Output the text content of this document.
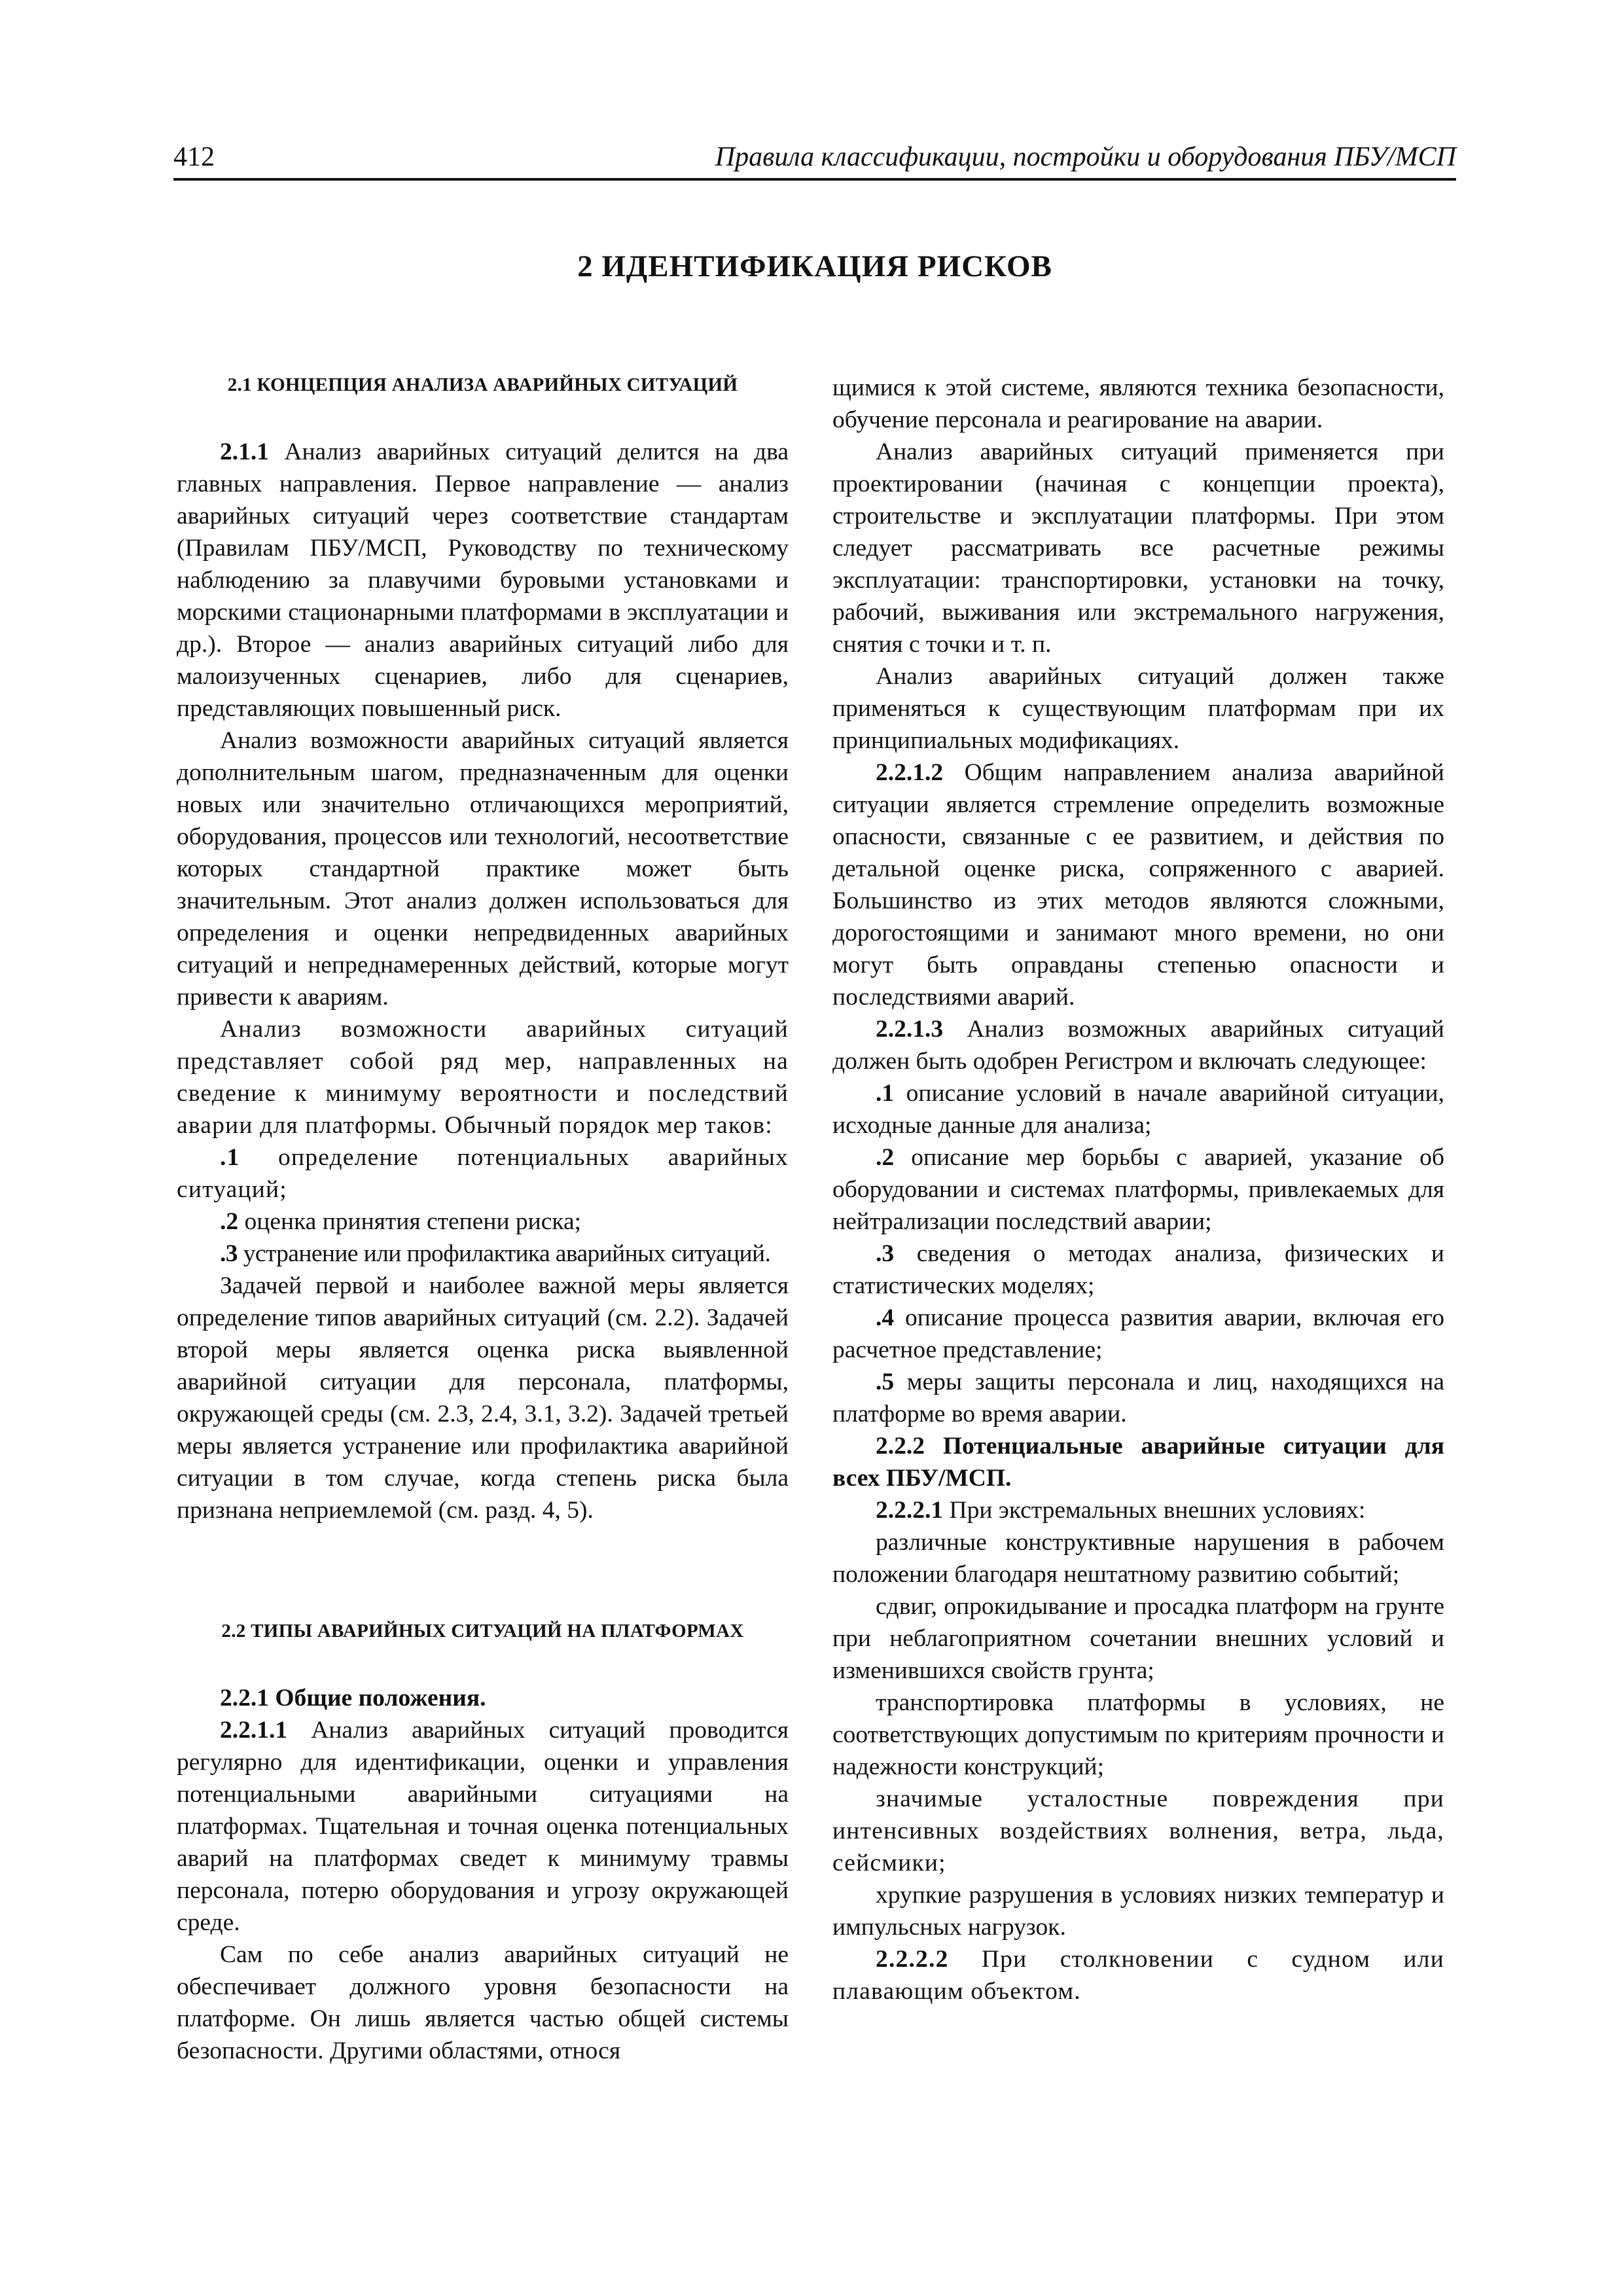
412	Правила классификации, постройки и оборудования ПБУ/МСП
2 ИДЕНТИФИКАЦИЯ РИСКОВ

2.1 КОНЦЕПЦИЯ АНАЛИЗА АВАРИЙНЫХ СИТУАЦИЙ

2.1.1 Анализ аварийных ситуаций делится на два главных направления. Первое направление — анализ аварийных ситуаций через соответствие стандартам (Правилам ПБУ/МСП, Руководству по техническому наблюдению за плавучими буровыми установками и морскими стационарными платформами в эксплуатации и др.). Второе — анализ аварийных ситуаций либо для малоизученных сценариев, либо для сценариев, представляющих повышенный риск.

Анализ возможности аварийных ситуаций является дополнительным шагом, предназначенным для оценки новых или значительно отличающихся мероприятий, оборудования, процессов или технологий, несоответствие которых стандартной практике может быть значительным. Этот анализ должен использоваться для определения и оценки непредвиденных аварийных ситуаций и непреднамеренных действий, которые могут привести к авариям.

Анализ возможности аварийных ситуаций представляет собой ряд мер, направленных на сведение к минимуму вероятности и последствий аварии для платформы. Обычный порядок мер таков:

.1 определение потенциальных аварийных ситуаций;

.2 оценка принятия степени риска;

.3 устранение или профилактика аварийных ситуаций.

Задачей первой и наиболее важной меры является определение типов аварийных ситуаций (см. 2.2). Задачей второй меры является оценка риска выявленной аварийной ситуации для персонала, платформы, окружающей среды (см. 2.3, 2.4, 3.1, 3.2). Задачей третьей меры является устранение или профилактика аварийной ситуации в том случае, когда степень риска была признана неприемлемой (см. разд. 4, 5).

2.2 ТИПЫ АВАРИЙНЫХ СИТУАЦИЙ НА ПЛАТФОРМАХ

2.2.1 Общие положения.

2.2.1.1 Анализ аварийных ситуаций проводится регулярно для идентификации, оценки и управления потенциальными аварийными ситуациями на платформах. Тщательная и точная оценка потенциальных аварий на платформах сведет к минимуму травмы персонала, потерю оборудования и угрозу окружающей среде.

Сам по себе анализ аварийных ситуаций не обеспечивает должного уровня безопасности на платформе. Он лишь является частью общей системы безопасности. Другими областями, относя

щимися к этой системе, являются техника безопасности, обучение персонала и реагирование на аварии.

Анализ аварийных ситуаций применяется при проектировании (начиная с концепции проекта), строительстве и эксплуатации платформы. При этом следует рассматривать все расчетные режимы эксплуатации: транспортировки, установки на точку, рабочий, выживания или экстремального нагружения, снятия с точки и т. п.

Анализ аварийных ситуаций должен также применяться к существующим платформам при их принципиальных модификациях.

2.2.1.2 Общим направлением анализа аварийной ситуации является стремление определить возможные опасности, связанные с ее развитием, и действия по детальной оценке риска, сопряженного с аварией. Большинство из этих методов являются сложными, дорогостоящими и занимают много времени, но они могут быть оправданы степенью опасности и последствиями аварий.

2.2.1.3 Анализ возможных аварийных ситуаций должен быть одобрен Регистром и включать следующее:

.1 описание условий в начале аварийной ситуации, исходные данные для анализа;

.2 описание мер борьбы с аварией, указание об оборудовании и системах платформы, привлекаемых для нейтрализации последствий аварии;

.3 сведения о методах анализа, физических и статистических моделях;

.4 описание процесса развития аварии, включая его расчетное представление;

.5 меры защиты персонала и лиц, находящихся на платформе во время аварии.

2.2.2 Потенциальные аварийные ситуации для всех ПБУ/МСП.

2.2.2.1 При экстремальных внешних условиях:

различные конструктивные нарушения в рабочем положении благодаря нештатному развитию событий;

сдвиг, опрокидывание и просадка платформ на грунте при неблагоприятном сочетании внешних условий и изменившихся свойств грунта;

транспортировка платформы в условиях, не соответствующих допустимым по критериям прочности и надежности конструкций;

значимые усталостные повреждения при интенсивных воздействиях волнения, ветра, льда, сейсмики;

хрупкие разрушения в условиях низких температур и импульсных нагрузок.

2.2.2.2 При столкновении с судном или плавающим объектом.
